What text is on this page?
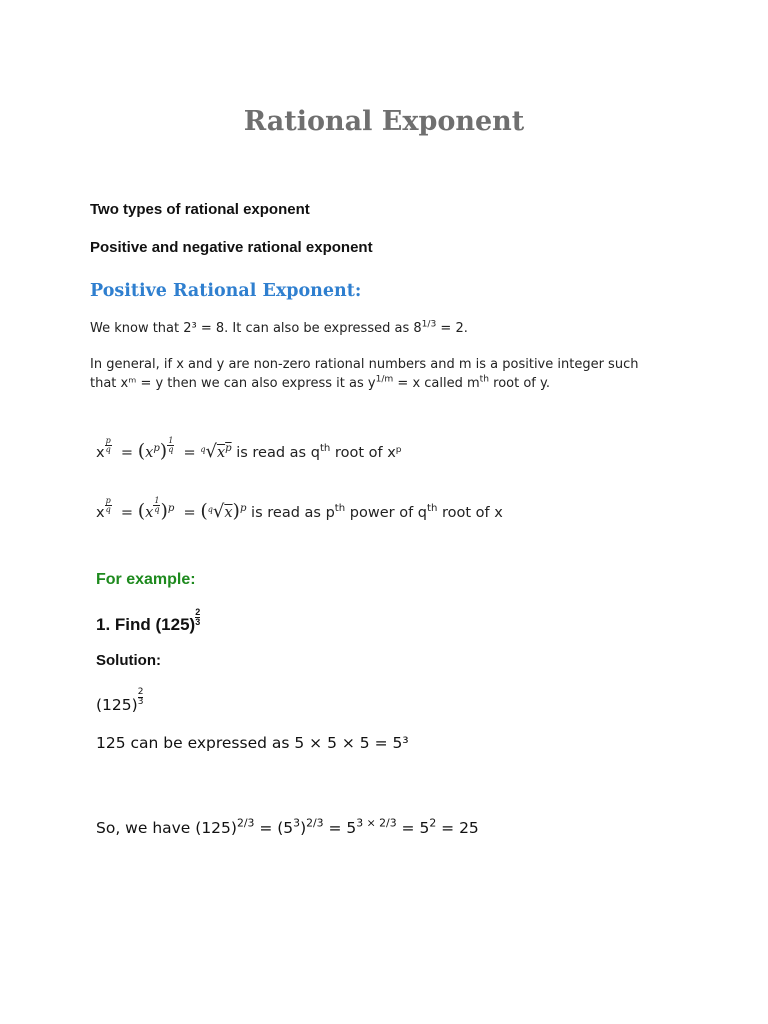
Rational Exponent
Two types of rational exponent
Positive and negative rational exponent
Positive Rational Exponent:
We know that 2³ = 8. It can also be expressed as $8^{1/3} = 2$.
In general, if x and y are non-zero rational numbers and m is a positive integer such
that xᵐ = y then we can also express it as $y^{1/m} = x$ called $m^{th}$ root of y.
x $\frac{p}{q} = (x^p) \frac{1}{q} = ^q√x^p$ is read as $q^{th}$ root of xᵖ
x $\frac{p}{q} = (x \frac{1}{q} )^p = (^q√x)^p$ is read as $p^{th}$ power of $q^{th}$ root of x
For example:
1. Find $(125) \frac{2}{3}$
Solution:
$(125) \frac{2}{3}$
125 can be expressed as 5 × 5 × 5 = 5³
So, we have $(125)^{2/3} = (5^3)^{2/3} = 5^{3 \times 2/3} = 5^2 = 25$
